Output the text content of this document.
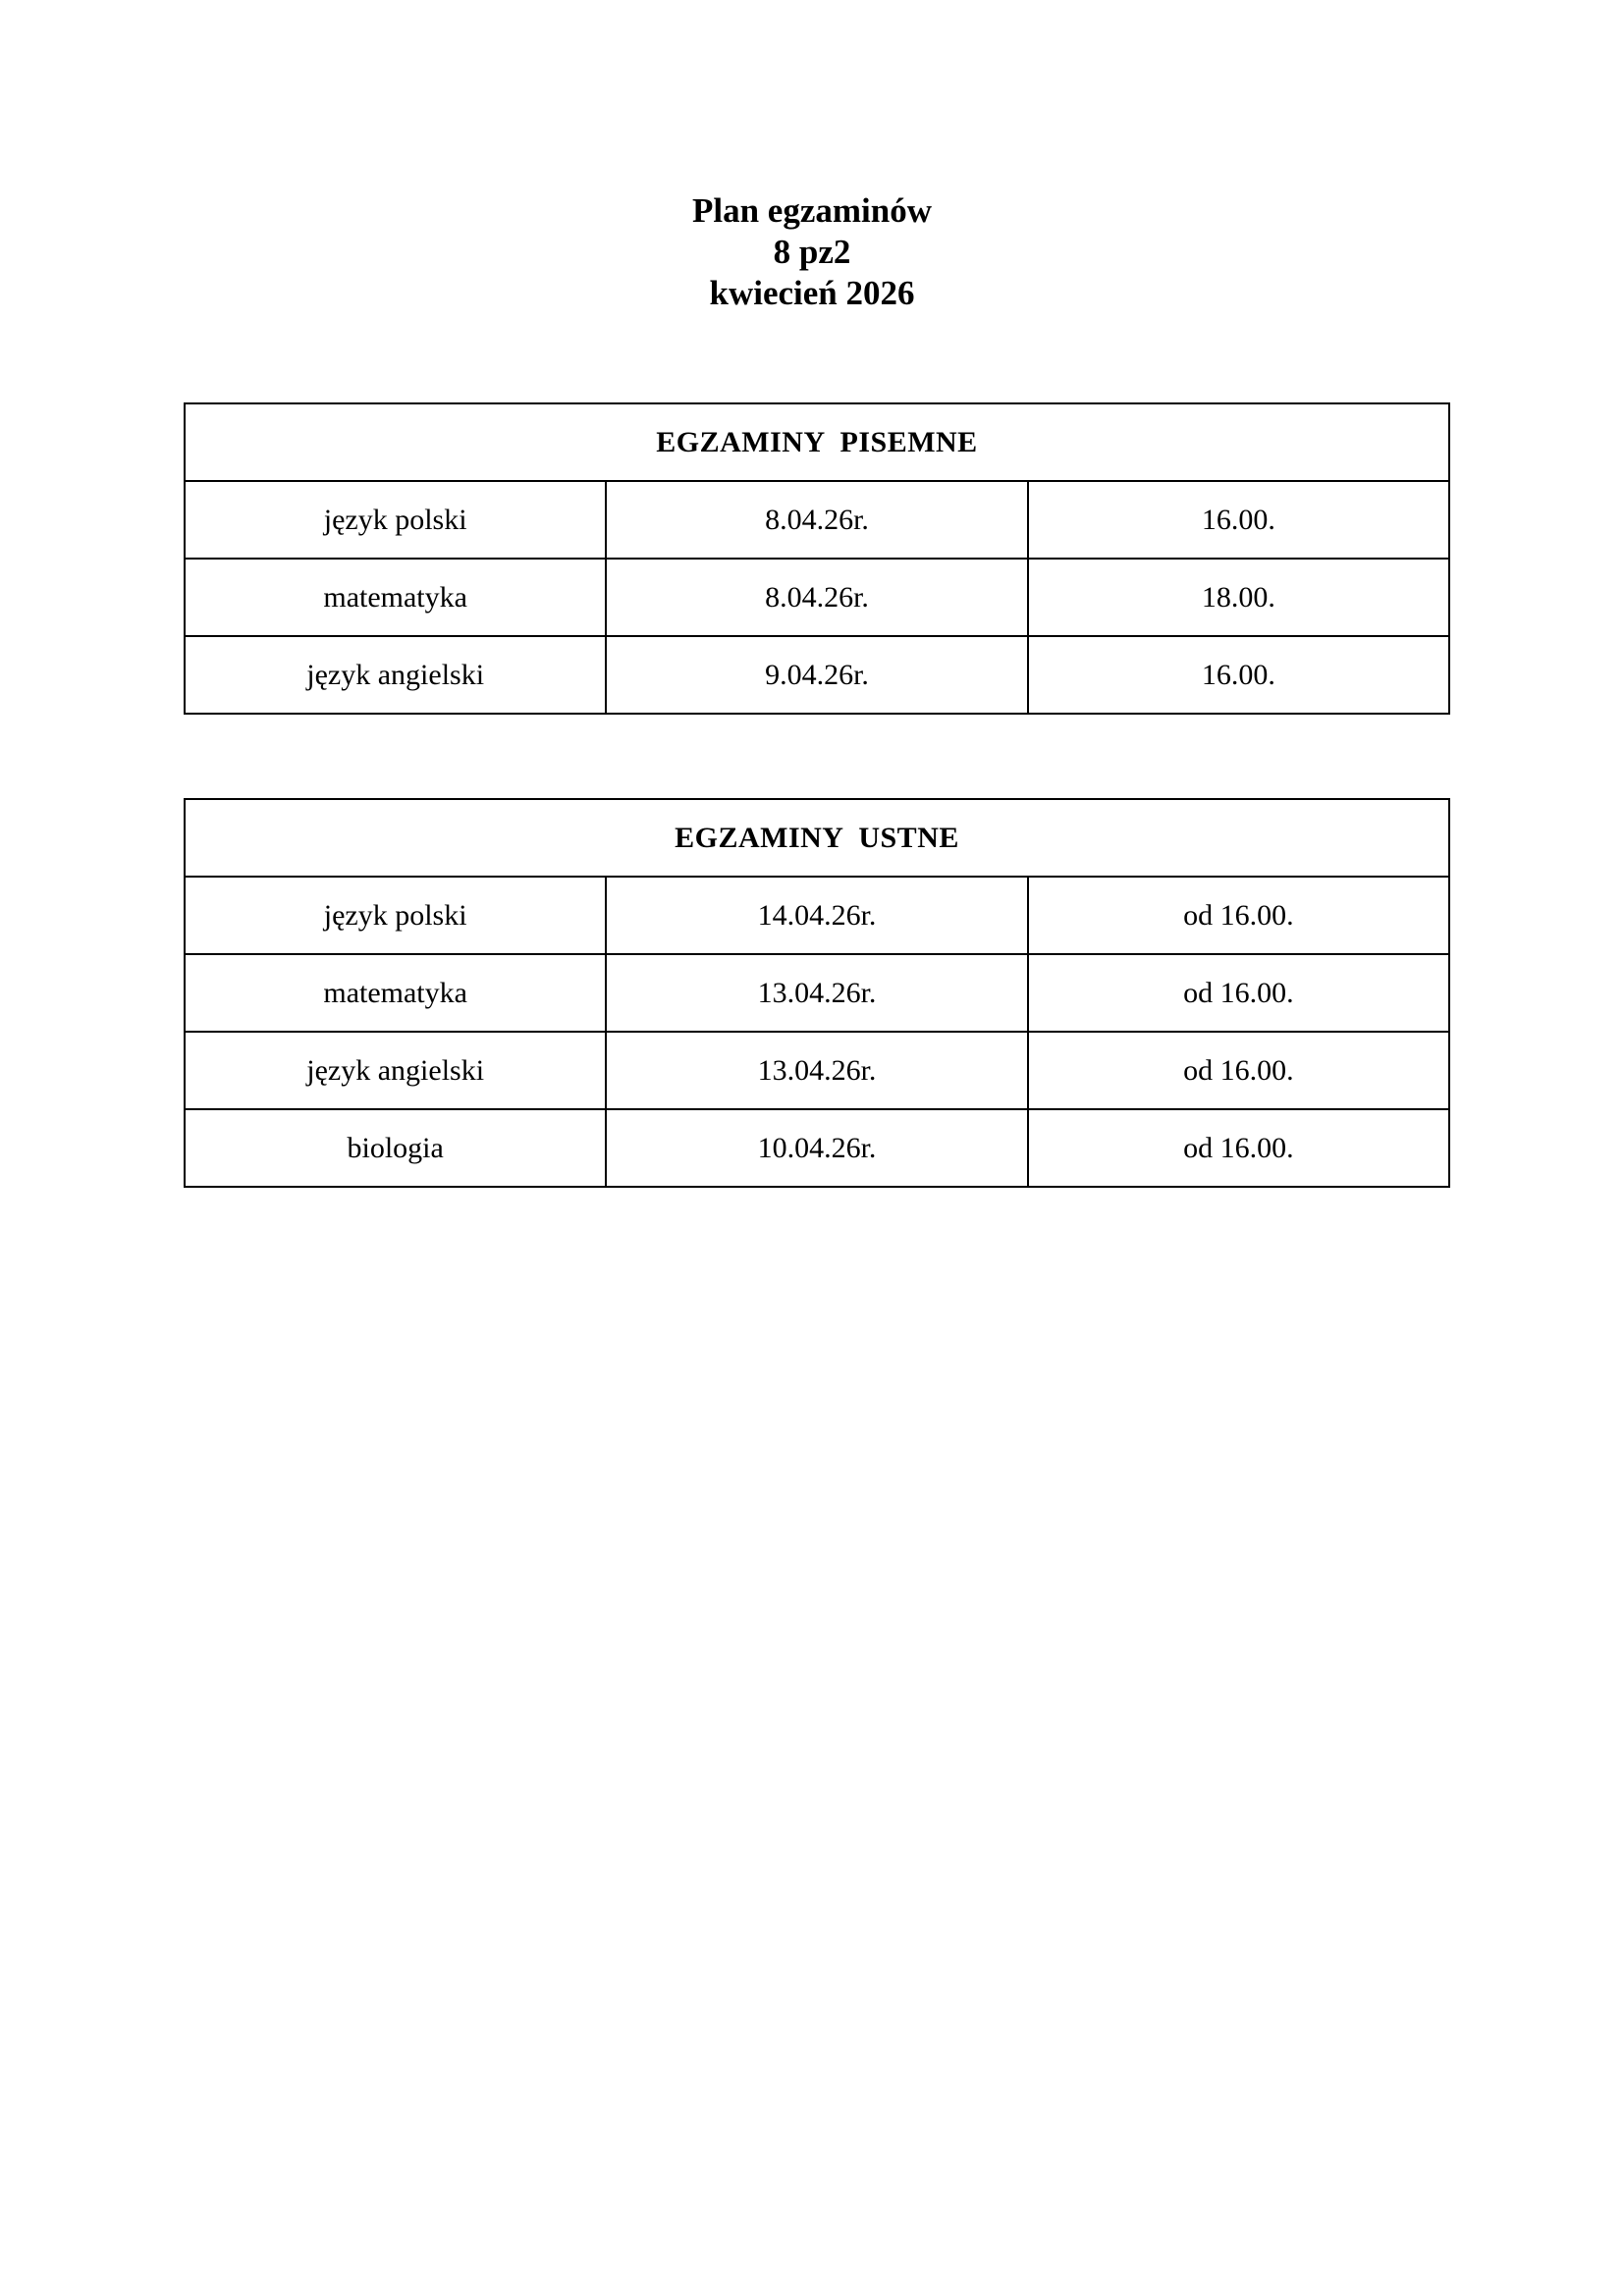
Plan egzaminów
8 pz2
kwiecień 2026
EGZAMINY  PISEMNE		
język polski	8.04.26r.	16.00.
matematyka	8.04.26r.	18.00.
język angielski	9.04.26r.	16.00.
EGZAMINY  USTNE		
język polski	14.04.26r.	od 16.00.
matematyka	13.04.26r.	od 16.00.
język angielski	13.04.26r.	od 16.00.
biologia	10.04.26r.	od 16.00.
